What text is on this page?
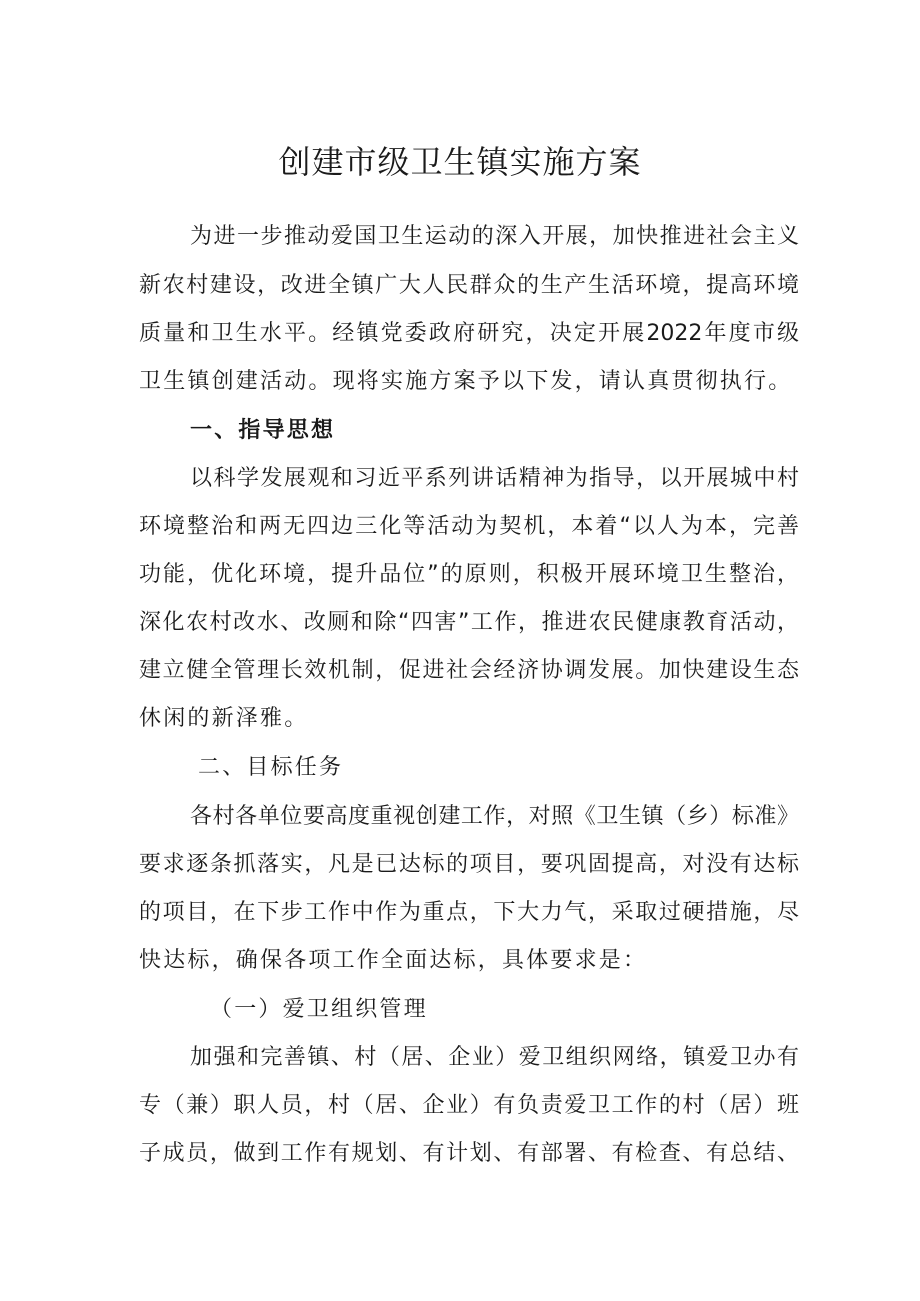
创建市级卫生镇实施方案
为进一步推动爱国卫生运动的深入开展，加快推进社会主义
新农村建设，改进全镇广大人民群众的生产生活环境，提高环境
质量和卫生水平。经镇党委政府研究，决定开展2022年度市级
卫生镇创建活动。现将实施方案予以下发，请认真贯彻执行。
一、指导思想
以科学发展观和习近平系列讲话精神为指导，以开展城中村
环境整治和两无四边三化等活动为契机，本着“以人为本，完善
功能，优化环境，提升品位”的原则，积极开展环境卫生整治，
深化农村改水、改厕和除“四害”工作，推进农民健康教育活动，
建立健全管理长效机制，促进社会经济协调发展。加快建设生态
休闲的新泽雅。
二、目标任务
各村各单位要高度重视创建工作，对照《卫生镇（乡）标准》
要求逐条抓落实，凡是已达标的项目，要巩固提高，对没有达标
的项目，在下步工作中作为重点，下大力气，采取过硬措施，尽
快达标，确保各项工作全面达标，具体要求是：
（一）爱卫组织管理
加强和完善镇、村（居、企业）爱卫组织网络，镇爱卫办有
专（兼）职人员，村（居、企业）有负责爱卫工作的村（居）班
子成员，做到工作有规划、有计划、有部署、有检查、有总结、
